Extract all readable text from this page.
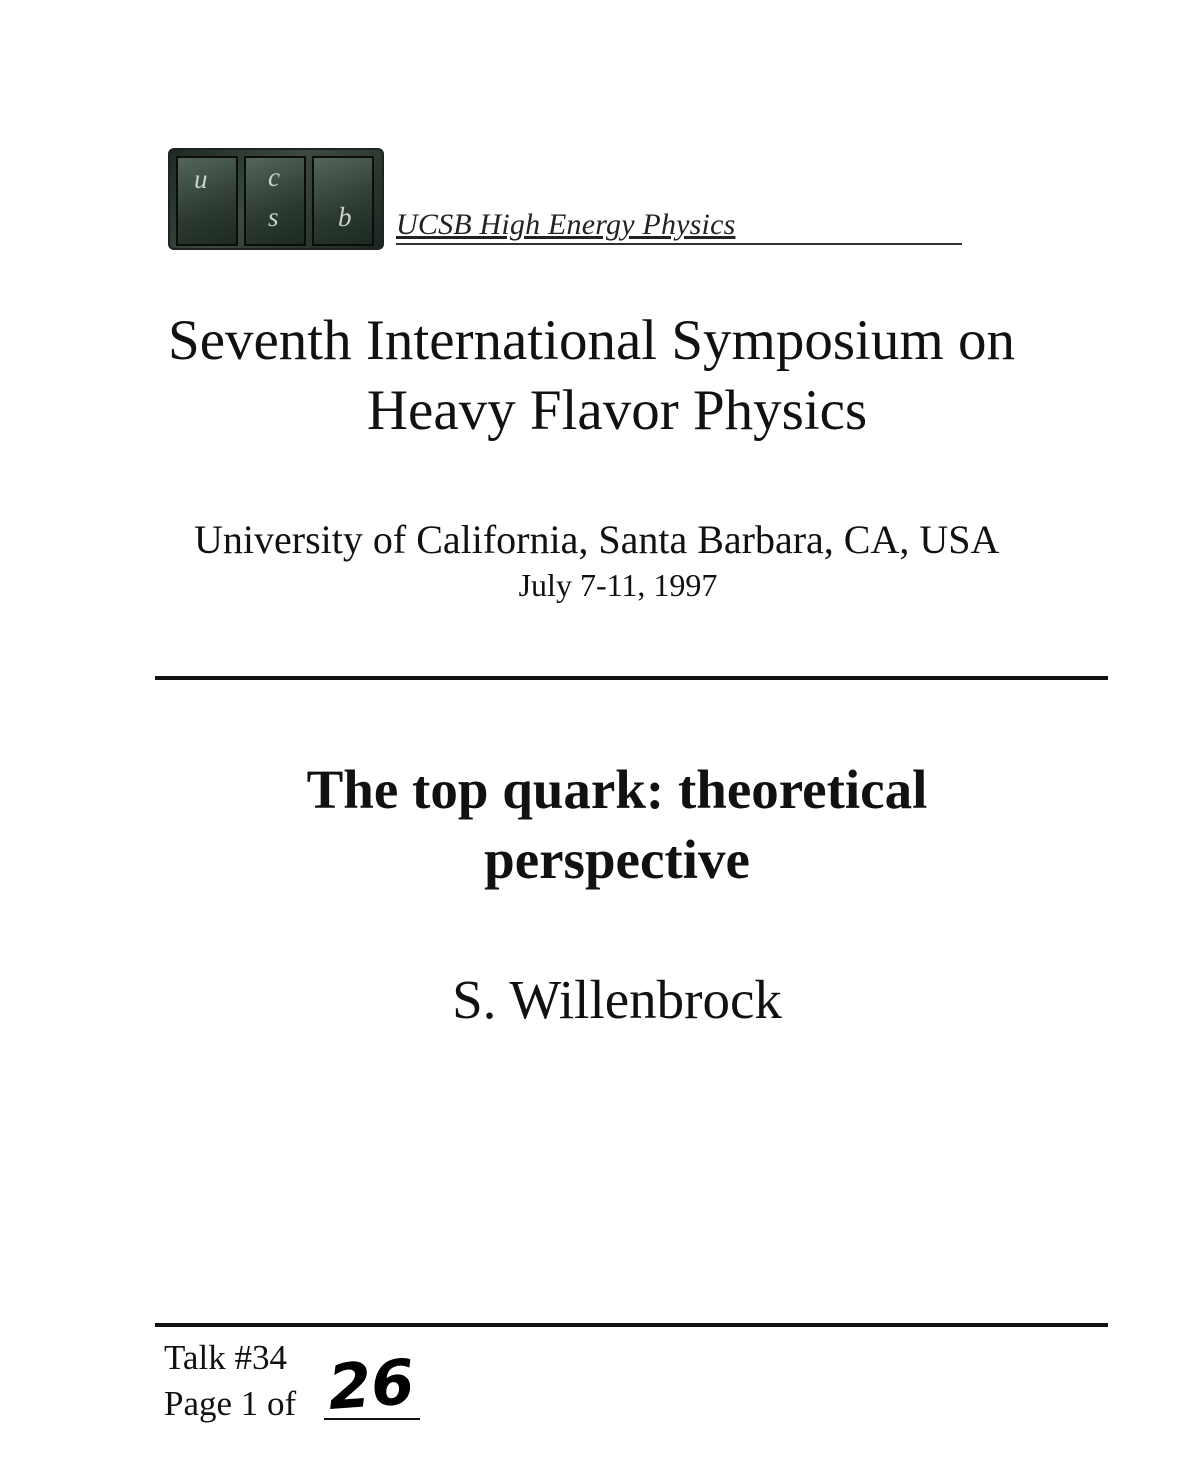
u c
s b UCSB High Energy Physics
Seventh International Symposium on
Heavy Flavor Physics
University of California, Santa Barbara, CA, USA
July 7-11, 1997
The top quark: theoretical perspective
S. Willenbrock
Talk #34
Page 1 of 26
